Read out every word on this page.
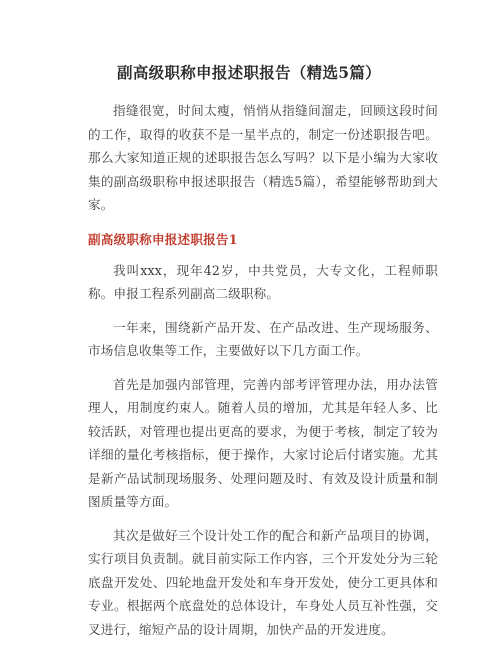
副高级职称申报述职报告（精选5篇）

指缝很宽，时间太瘦，悄悄从指缝间溜走，回顾这段时间的工作，取得的收获不是一星半点的，制定一份述职报告吧。那么大家知道正规的述职报告怎么写吗？以下是小编为大家收集的副高级职称申报述职报告（精选5篇），希望能够帮助到大家。

副高级职称申报述职报告1

我叫xxx，现年42岁，中共党员，大专文化，工程师职称。申报工程系列副高二级职称。

一年来，围绕新产品开发、在产品改进、生产现场服务、市场信息收集等工作，主要做好以下几方面工作。

首先是加强内部管理，完善内部考评管理办法，用办法管理人，用制度约束人。随着人员的增加，尤其是年轻人多、比较活跃，对管理也提出更高的要求，为便于考核，制定了较为详细的量化考核指标，便于操作，大家讨论后付诸实施。尤其是新产品试制现场服务、处理问题及时、有效及设计质量和制图质量等方面。

其次是做好三个设计处工作的配合和新产品项目的协调，实行项目负责制。就目前实际工作内容，三个开发处分为三轮底盘开发处、四轮地盘开发处和车身开发处，使分工更具体和专业。根据两个底盘处的总体设计，车身处人员互补性强，交叉进行，缩短产品的设计周期，加快产品的开发进度。
